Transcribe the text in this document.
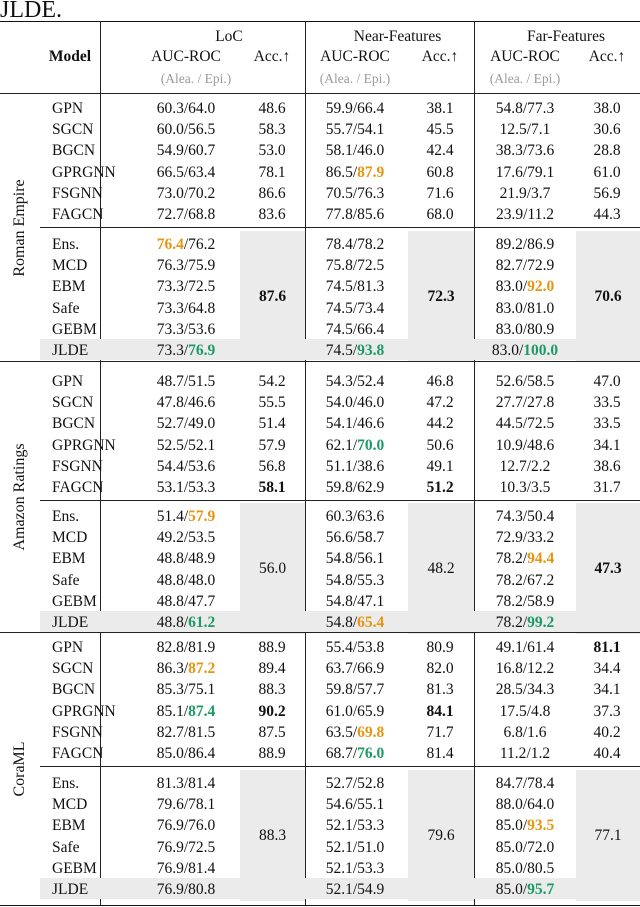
JLDE.
Model
LoC
AUC-ROC	Acc.↑
(Alea. / Epi.)
Near-Features
AUC-ROC	Acc.↑
(Alea. / Epi.)
Far-Features
AUC-ROC	Acc.↑
(Alea. / Epi.)
Roman Empire
GPN	60.3/64.0	48.6	59.9/66.4	38.1	54.8/77.3	38.0
SGCN	60.0/56.5	58.3	55.7/54.1	45.5	12.5/7.1	30.6
BGCN	54.9/60.7	53.0	58.1/46.0	42.4	38.3/73.6	28.8
GPRGNN	66.5/63.4	78.1	86.5/87.9	60.8	17.6/79.1	61.0
FSGNN	73.0/70.2	86.6	70.5/76.3	71.6	21.9/3.7	56.9
FAGCN	72.7/68.8	83.6	77.8/85.6	68.0	23.9/11.2	44.3
87.6	72.3	70.6
Ens.	76.4/76.2	78.4/78.2	89.2/86.9
MCD	76.3/75.9	75.8/72.5	82.7/72.9
EBM	73.3/72.5	74.5/81.3	83.0/92.0
Safe	73.3/64.8	74.5/73.4	83.0/81.0
GEBM	73.3/53.6	74.5/66.4	83.0/80.9
JLDE	73.3/76.9	74.5/93.8	83.0/100.0
Amazon Ratings
GPN	48.7/51.5	54.2	54.3/52.4	46.8	52.6/58.5	47.0
SGCN	47.8/46.6	55.5	54.0/46.0	47.2	27.7/27.8	33.5
BGCN	52.7/49.0	51.4	54.1/46.6	44.2	44.5/72.5	33.5
GPRGNN	52.5/52.1	57.9	62.1/70.0	50.6	10.9/48.6	34.1
FSGNN	54.4/53.6	56.8	51.1/38.6	49.1	12.7/2.2	38.6
FAGCN	53.1/53.3	58.1	59.8/62.9	51.2	10.3/3.5	31.7
56.0	48.2	47.3
Ens.	51.4/57.9	60.3/63.6	74.3/50.4
MCD	49.2/53.5	56.6/58.7	72.9/33.2
EBM	48.8/48.9	54.8/56.1	78.2/94.4
Safe	48.8/48.0	54.8/55.3	78.2/67.2
GEBM	48.8/47.7	54.8/47.1	78.2/58.9
JLDE	48.8/61.2	54.8/65.4	78.2/99.2
CoraML
GPN	82.8/81.9	88.9	55.4/53.8	80.9	49.1/61.4	81.1
SGCN	86.3/87.2	89.4	63.7/66.9	82.0	16.8/12.2	34.4
BGCN	85.3/75.1	88.3	59.8/57.7	81.3	28.5/34.3	34.1
GPRGNN	85.1/87.4	90.2	61.0/65.9	84.1	17.5/4.8	37.3
FSGNN	82.7/81.5	87.5	63.5/69.8	71.7	6.8/1.6	40.2
FAGCN	85.0/86.4	88.9	68.7/76.0	81.4	11.2/1.2	40.4
88.3	79.6	77.1
Ens.	81.3/81.4	52.7/52.8	84.7/78.4
MCD	79.6/78.1	54.6/55.1	88.0/64.0
EBM	76.9/76.0	52.1/53.3	85.0/93.5
Safe	76.9/72.5	52.1/51.0	85.0/72.0
GEBM	76.9/81.4	52.1/53.3	85.0/80.5
JLDE	76.9/80.8	52.1/54.9	85.0/95.7
